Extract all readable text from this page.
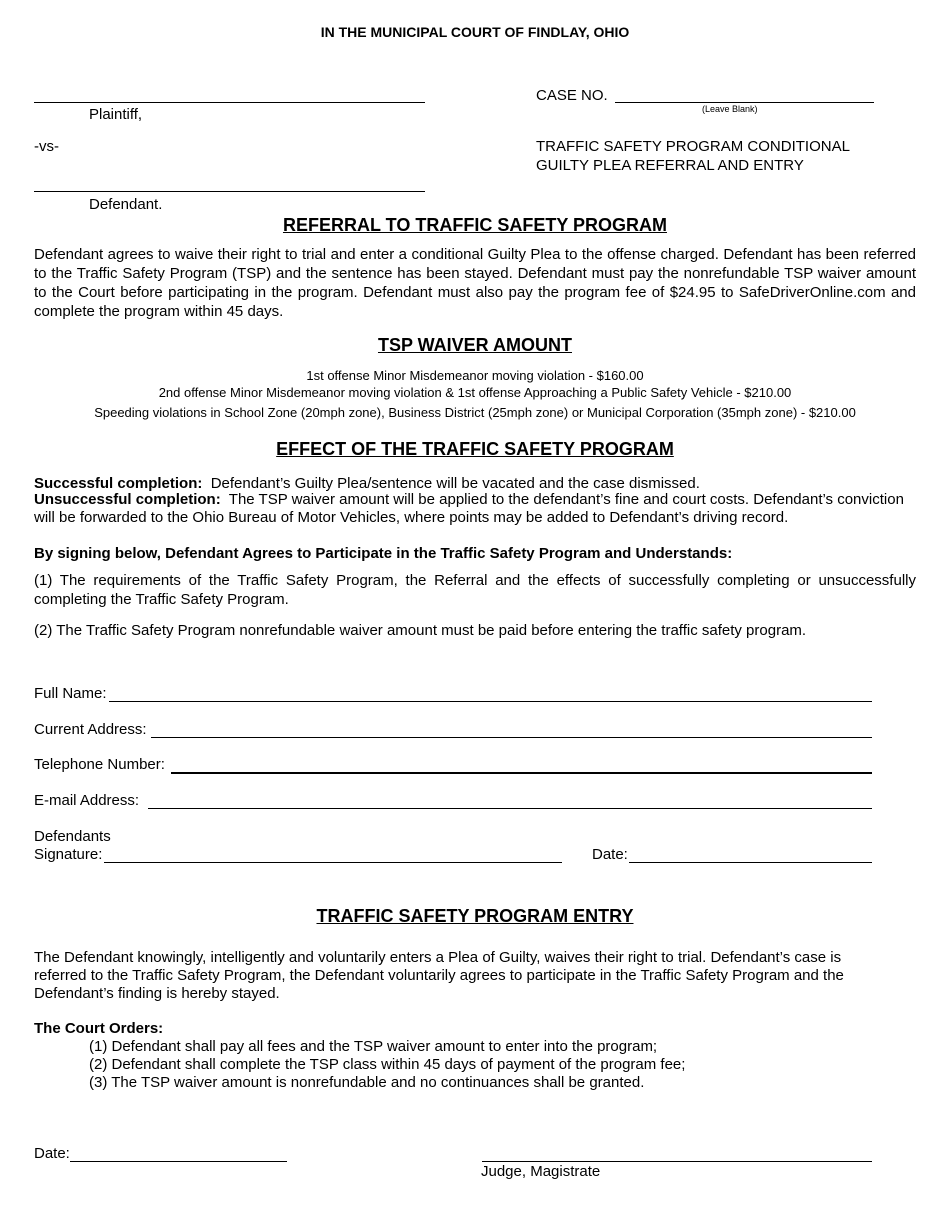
IN THE MUNICIPAL COURT OF FINDLAY, OHIO
Plaintiff,
-vs-
Defendant.
CASE NO.
(Leave Blank)
TRAFFIC SAFETY PROGRAM CONDITIONAL
GUILTY PLEA REFERRAL AND ENTRY
REFERRAL TO TRAFFIC SAFETY PROGRAM
Defendant agrees to waive their right to trial and enter a conditional Guilty Plea to the offense charged. Defendant has been referred to the Traffic Safety Program (TSP) and the sentence has been stayed. Defendant must pay the nonrefundable TSP waiver amount to the Court before participating in the program. Defendant must also pay the program fee of $24.95 to SafeDriverOnline.com and complete the program within 45 days.
TSP WAIVER AMOUNT
1st offense Minor Misdemeanor moving violation - $160.00
2nd offense Minor Misdemeanor moving violation & 1st offense Approaching a Public Safety Vehicle - $210.00
Speeding violations in School Zone (20mph zone), Business District (25mph zone) or Municipal Corporation (35mph zone) - $210.00
EFFECT OF THE TRAFFIC SAFETY PROGRAM
Successful completion: Defendant’s Guilty Plea/sentence will be vacated and the case dismissed.
Unsuccessful completion: The TSP waiver amount will be applied to the defendant’s fine and court costs. Defendant’s conviction will be forwarded to the Ohio Bureau of Motor Vehicles, where points may be added to Defendant’s driving record.
By signing below, Defendant Agrees to Participate in the Traffic Safety Program and Understands:
(1) The requirements of the Traffic Safety Program, the Referral and the effects of successfully completing or unsuccessfully completing the Traffic Safety Program.
(2) The Traffic Safety Program nonrefundable waiver amount must be paid before entering the traffic safety program.
Full Name:
Current Address:
Telephone Number:
E-mail Address:
Defendants
Signature:	Date:
TRAFFIC SAFETY PROGRAM ENTRY
The Defendant knowingly, intelligently and voluntarily enters a Plea of Guilty, waives their right to trial. Defendant’s case is referred to the Traffic Safety Program, the Defendant voluntarily agrees to participate in the Traffic Safety Program and the Defendant’s finding is hereby stayed.
The Court Orders:
(1) Defendant shall pay all fees and the TSP waiver amount to enter into the program;
(2) Defendant shall complete the TSP class within 45 days of payment of the program fee;
(3) The TSP waiver amount is nonrefundable and no continuances shall be granted.
Date:
Judge, Magistrate
